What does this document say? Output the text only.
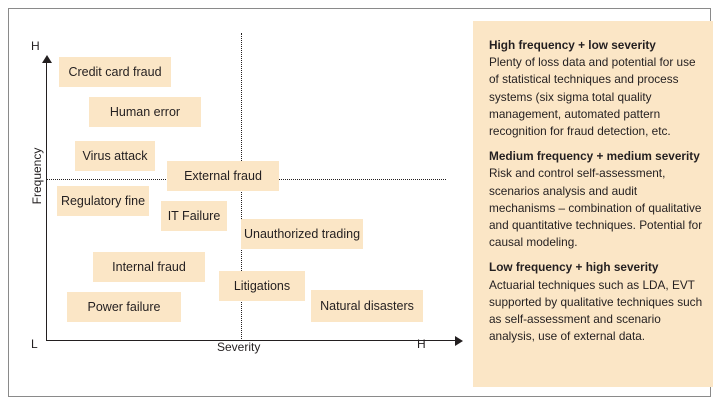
H
L	H
Severity
Frequency
Credit card fraud
Human error
Virus attack
External fraud
Regulatory fine
IT Failure
Unauthorized trading
Internal fraud
Litigations
Power failure	Natural disasters
High frequency + low severity
Plenty of loss data and potential for use of statistical techniques and process systems (six sigma total quality management, automated pattern recognition for fraud detection, etc.
Medium frequency + medium severity
Risk and control self-assessment, scenarios analysis and audit mechanisms – combination of qualitative and quantitative techniques. Potential for causal modeling.
Low frequency + high severity
Actuarial techniques such as LDA, EVT supported by qualitative techniques such as self-assessment and scenario analysis, use of external data.
